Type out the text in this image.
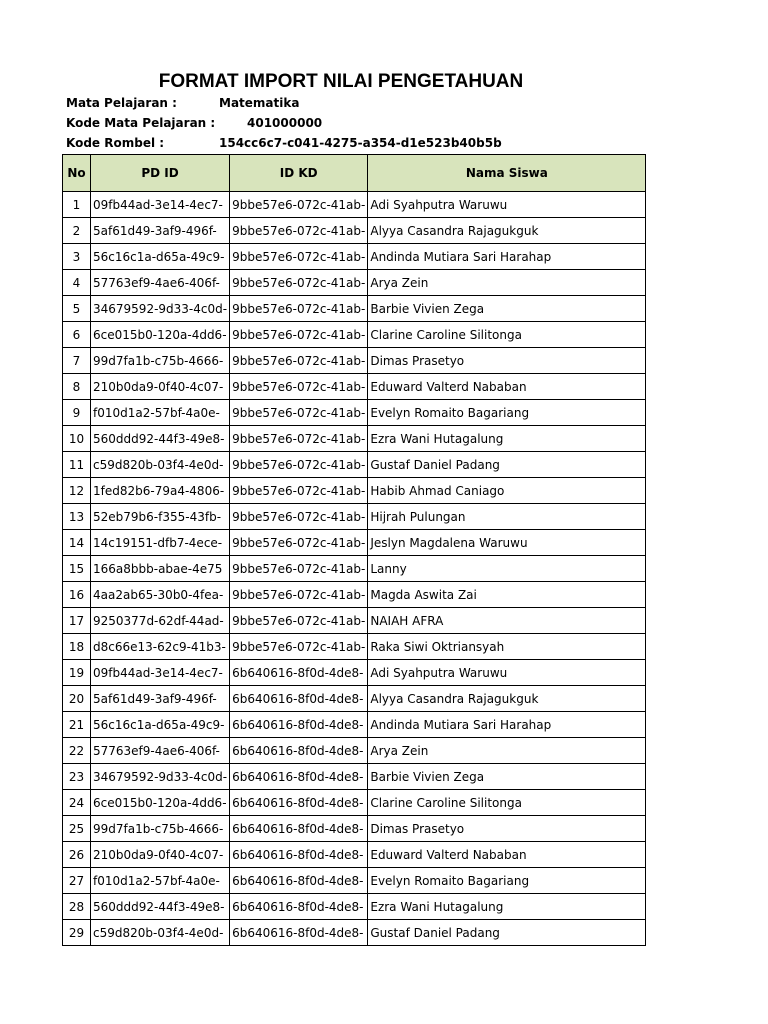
FORMAT IMPORT NILAI PENGETAHUAN
Mata Pelajaran :	Matematika
Kode Mata Pelajaran :	401000000
Kode Rombel :	154cc6c7-c041-4275-a354-d1e523b40b5b
No	PD ID	ID KD	Nama Siswa
1	09fb44ad-3e14-4ec7-	9bbe57e6-072c-41ab-	Adi Syahputra Waruwu
2	5af61d49-3af9-496f-	9bbe57e6-072c-41ab-	Alyya Casandra Rajagukguk
3	56c16c1a-d65a-49c9-	9bbe57e6-072c-41ab-	Andinda Mutiara Sari Harahap
4	57763ef9-4ae6-406f-	9bbe57e6-072c-41ab-	Arya Zein
5	34679592-9d33-4c0d-	9bbe57e6-072c-41ab-	Barbie Vivien Zega
6	6ce015b0-120a-4dd6-	9bbe57e6-072c-41ab-	Clarine Caroline Silitonga
7	99d7fa1b-c75b-4666-	9bbe57e6-072c-41ab-	Dimas Prasetyo
8	210b0da9-0f40-4c07-	9bbe57e6-072c-41ab-	Eduward Valterd Nababan
9	f010d1a2-57bf-4a0e-	9bbe57e6-072c-41ab-	Evelyn Romaito Bagariang
10	560ddd92-44f3-49e8-	9bbe57e6-072c-41ab-	Ezra Wani Hutagalung
11	c59d820b-03f4-4e0d-	9bbe57e6-072c-41ab-	Gustaf Daniel Padang
12	1fed82b6-79a4-4806-	9bbe57e6-072c-41ab-	Habib Ahmad Caniago
13	52eb79b6-f355-43fb-	9bbe57e6-072c-41ab-	Hijrah Pulungan
14	14c19151-dfb7-4ece-	9bbe57e6-072c-41ab-	Jeslyn Magdalena Waruwu
15	166a8bbb-abae-4e75	9bbe57e6-072c-41ab-	Lanny
16	4aa2ab65-30b0-4fea-	9bbe57e6-072c-41ab-	Magda Aswita Zai
17	9250377d-62df-44ad-	9bbe57e6-072c-41ab-	NAIAH AFRA
18	d8c66e13-62c9-41b3-	9bbe57e6-072c-41ab-	Raka Siwi Oktriansyah
19	09fb44ad-3e14-4ec7-	6b640616-8f0d-4de8-	Adi Syahputra Waruwu
20	5af61d49-3af9-496f-	6b640616-8f0d-4de8-	Alyya Casandra Rajagukguk
21	56c16c1a-d65a-49c9-	6b640616-8f0d-4de8-	Andinda Mutiara Sari Harahap
22	57763ef9-4ae6-406f-	6b640616-8f0d-4de8-	Arya Zein
23	34679592-9d33-4c0d-	6b640616-8f0d-4de8-	Barbie Vivien Zega
24	6ce015b0-120a-4dd6-	6b640616-8f0d-4de8-	Clarine Caroline Silitonga
25	99d7fa1b-c75b-4666-	6b640616-8f0d-4de8-	Dimas Prasetyo
26	210b0da9-0f40-4c07-	6b640616-8f0d-4de8-	Eduward Valterd Nababan
27	f010d1a2-57bf-4a0e-	6b640616-8f0d-4de8-	Evelyn Romaito Bagariang
28	560ddd92-44f3-49e8-	6b640616-8f0d-4de8-	Ezra Wani Hutagalung
29	c59d820b-03f4-4e0d-	6b640616-8f0d-4de8-	Gustaf Daniel Padang
